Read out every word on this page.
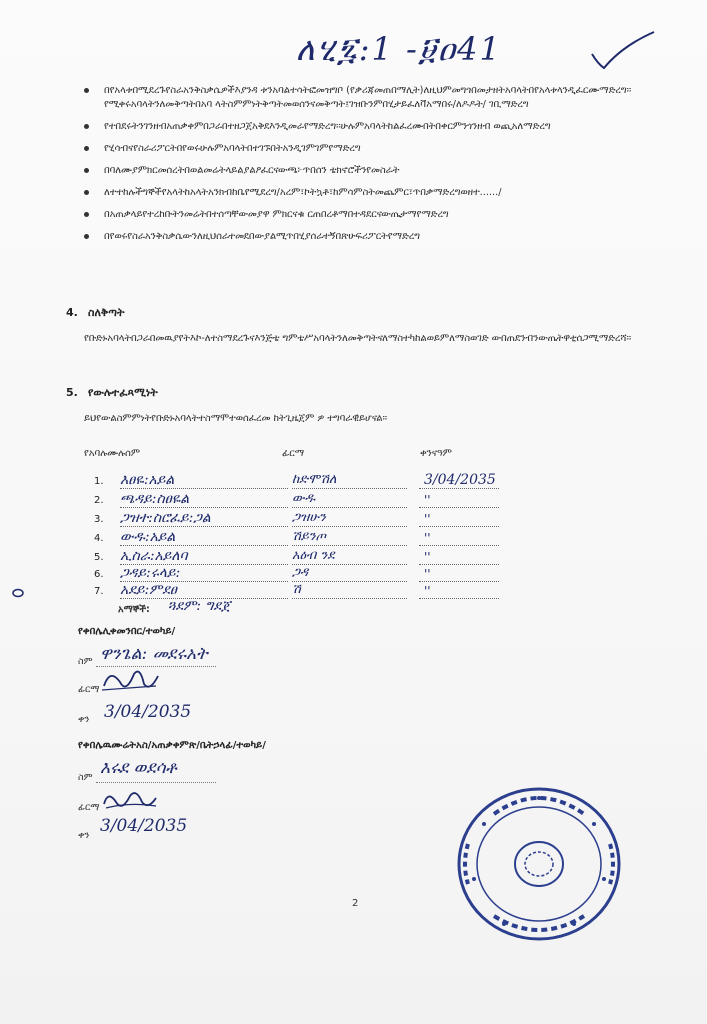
ለሂ፯:1 -፱ዐ41
በየአላቱበሚደረጉየስራአንቅስቃሴዎችእያንዳ ቱንአባልተሳትፎመዝግቦ (የቃሪጃመጠበማሊት)ለዚህምመግጎበመታዘትአባላትበየአላቱላንዲፈርሙማድረግ፡፡የሚቀሩአባላትንለመቅጣትበአባ ላትስምምነትቅጣትመወሰንናመቅጣት፤ገዝቡንምበሂታይፈለቫአማበሩ/ለዶዶት/ ገቢማድረግ
የተበደሩትንገንዘብአጠቃቀምበጋራበተዘጋጀአቅደእንዲመራየማድረግ፡፡ሁሉምአባላትከልፈረሙበትበቀርምንጎንዘብ ወጪአለማድረግ
የሂሳብናየስራሪፖርትበየወሩሁሉምአባላትበተገኙበትአንዲገምገምየማድረግ
በባለሙያምክርመሰረትበወልመሬትላይልያልዖፈርናውጫ፦ጥበሰን ቴክኖሮችንየመስራት
ለተተከሉችግኞችየአላትከአላትአንክብከቤየሚደረግ/አረም፣ኮትኳቶ፣ከምሳምስትመጨምር፣ጥበቃማድረግወዘተ....../
በአጠቃላይየተረከቡትንመሬትበተሰጣቸውመያዋ ምክርናቁ ርጠበረቶማበተዳደርናውጤታማየማድረግ
በየወሩየስራአንቅስቃሴውንለዚህሰራተመደበውያልሚጥበሂያሰራተኝበጽሁፍሪፖርትየማድረግ
4. ስለቅጣት
የቡድኑአባላትበጋራበመዉያየትእኮ-ለተስማደረጉናእንጅቴ ግምቴሥአባላትንለመቅጣትናለማስተካከልወይምለማስወገድ ውበጠደንብንውጤትዋቲሰጋሚማድረሻ፡፡
5. የውሉተፈጻሚነት
ይህየውልስምምነትየቡድኑአባላትተስማሞተወሰፈረመ ከትጊዜጀም ዎ ተግባራዊይሆናል፡፡
የአባሉሙሉሰም	ፊርማ	ቀንናዓም
1. እፀዬ:አይል	ከድሞሽለ	3/04/2035
2. ጫዳይ:ስፀዬል	ውዱ	''
3. ጋዝተ:ስሮፈይ:ጋል	ጋዝሁን	''
4. ውዱ:አይል	ሽይንጦ	''
5. ኢስራ:አይለባ	አዕብ ንደ	''
6. ጋዳይ:ሩላይ:	ጋዳ	''
7. አደይ:ምደፀ	ሽ	''
አማኞች: ጓደም: ግደጀ
የቀበሌሊቀመንበር/ተወካይ/
ስም ዋንጌል: መደሩአት
ፊርማ
ቀን 3/04/2035
የቀበሌዉሙሬትአስ/አጠቃቀምጽ/ቤትኃላፊ/ተወካይ/
ስም እሩደ ወደሳቶ
ፊርማ
ቀን 3/04/2035
2
